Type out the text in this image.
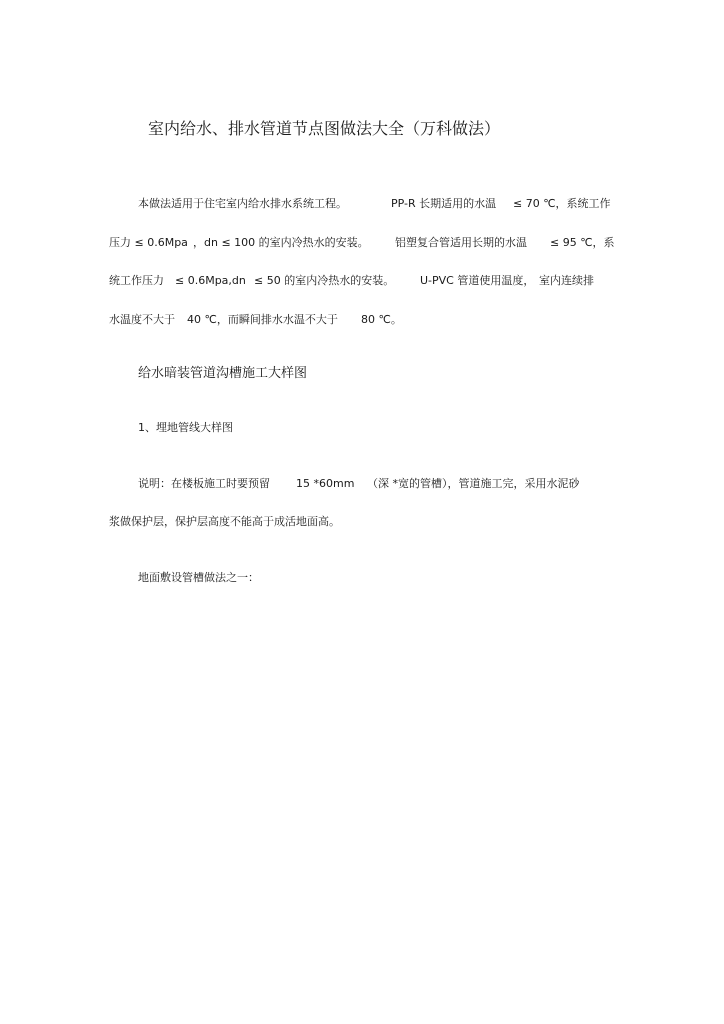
室内给水、排水管道节点图做法大全（万科做法）

本做法适用于住宅室内给水排水系统工程。

	PP-R 长期适用的水温

≤ 70 ℃，系统工作

压力 ≤ 0.6Mpa

，dn ≤ 100 的室内冷热水的安装。

铝塑复合管适用长期的水温

≤ 95 ℃，系

统工作压力

≤ 0.6Mpa,dn

≤ 50 的室内冷热水的安装。

U-PVC 管道使用温度，

室内连续排

水温度不大于

40 ℃，而瞬间排水水温不大于

80 ℃。

给水暗装管道沟槽施工大样图
1、埋地管线大样图

说明：在楼板施工时要预留

15 *60mm

（深 *宽的管槽），管道施工完，采用水泥砂

浆做保护层，保护层高度不能高于成活地面高。
地面敷设管槽做法之一：
